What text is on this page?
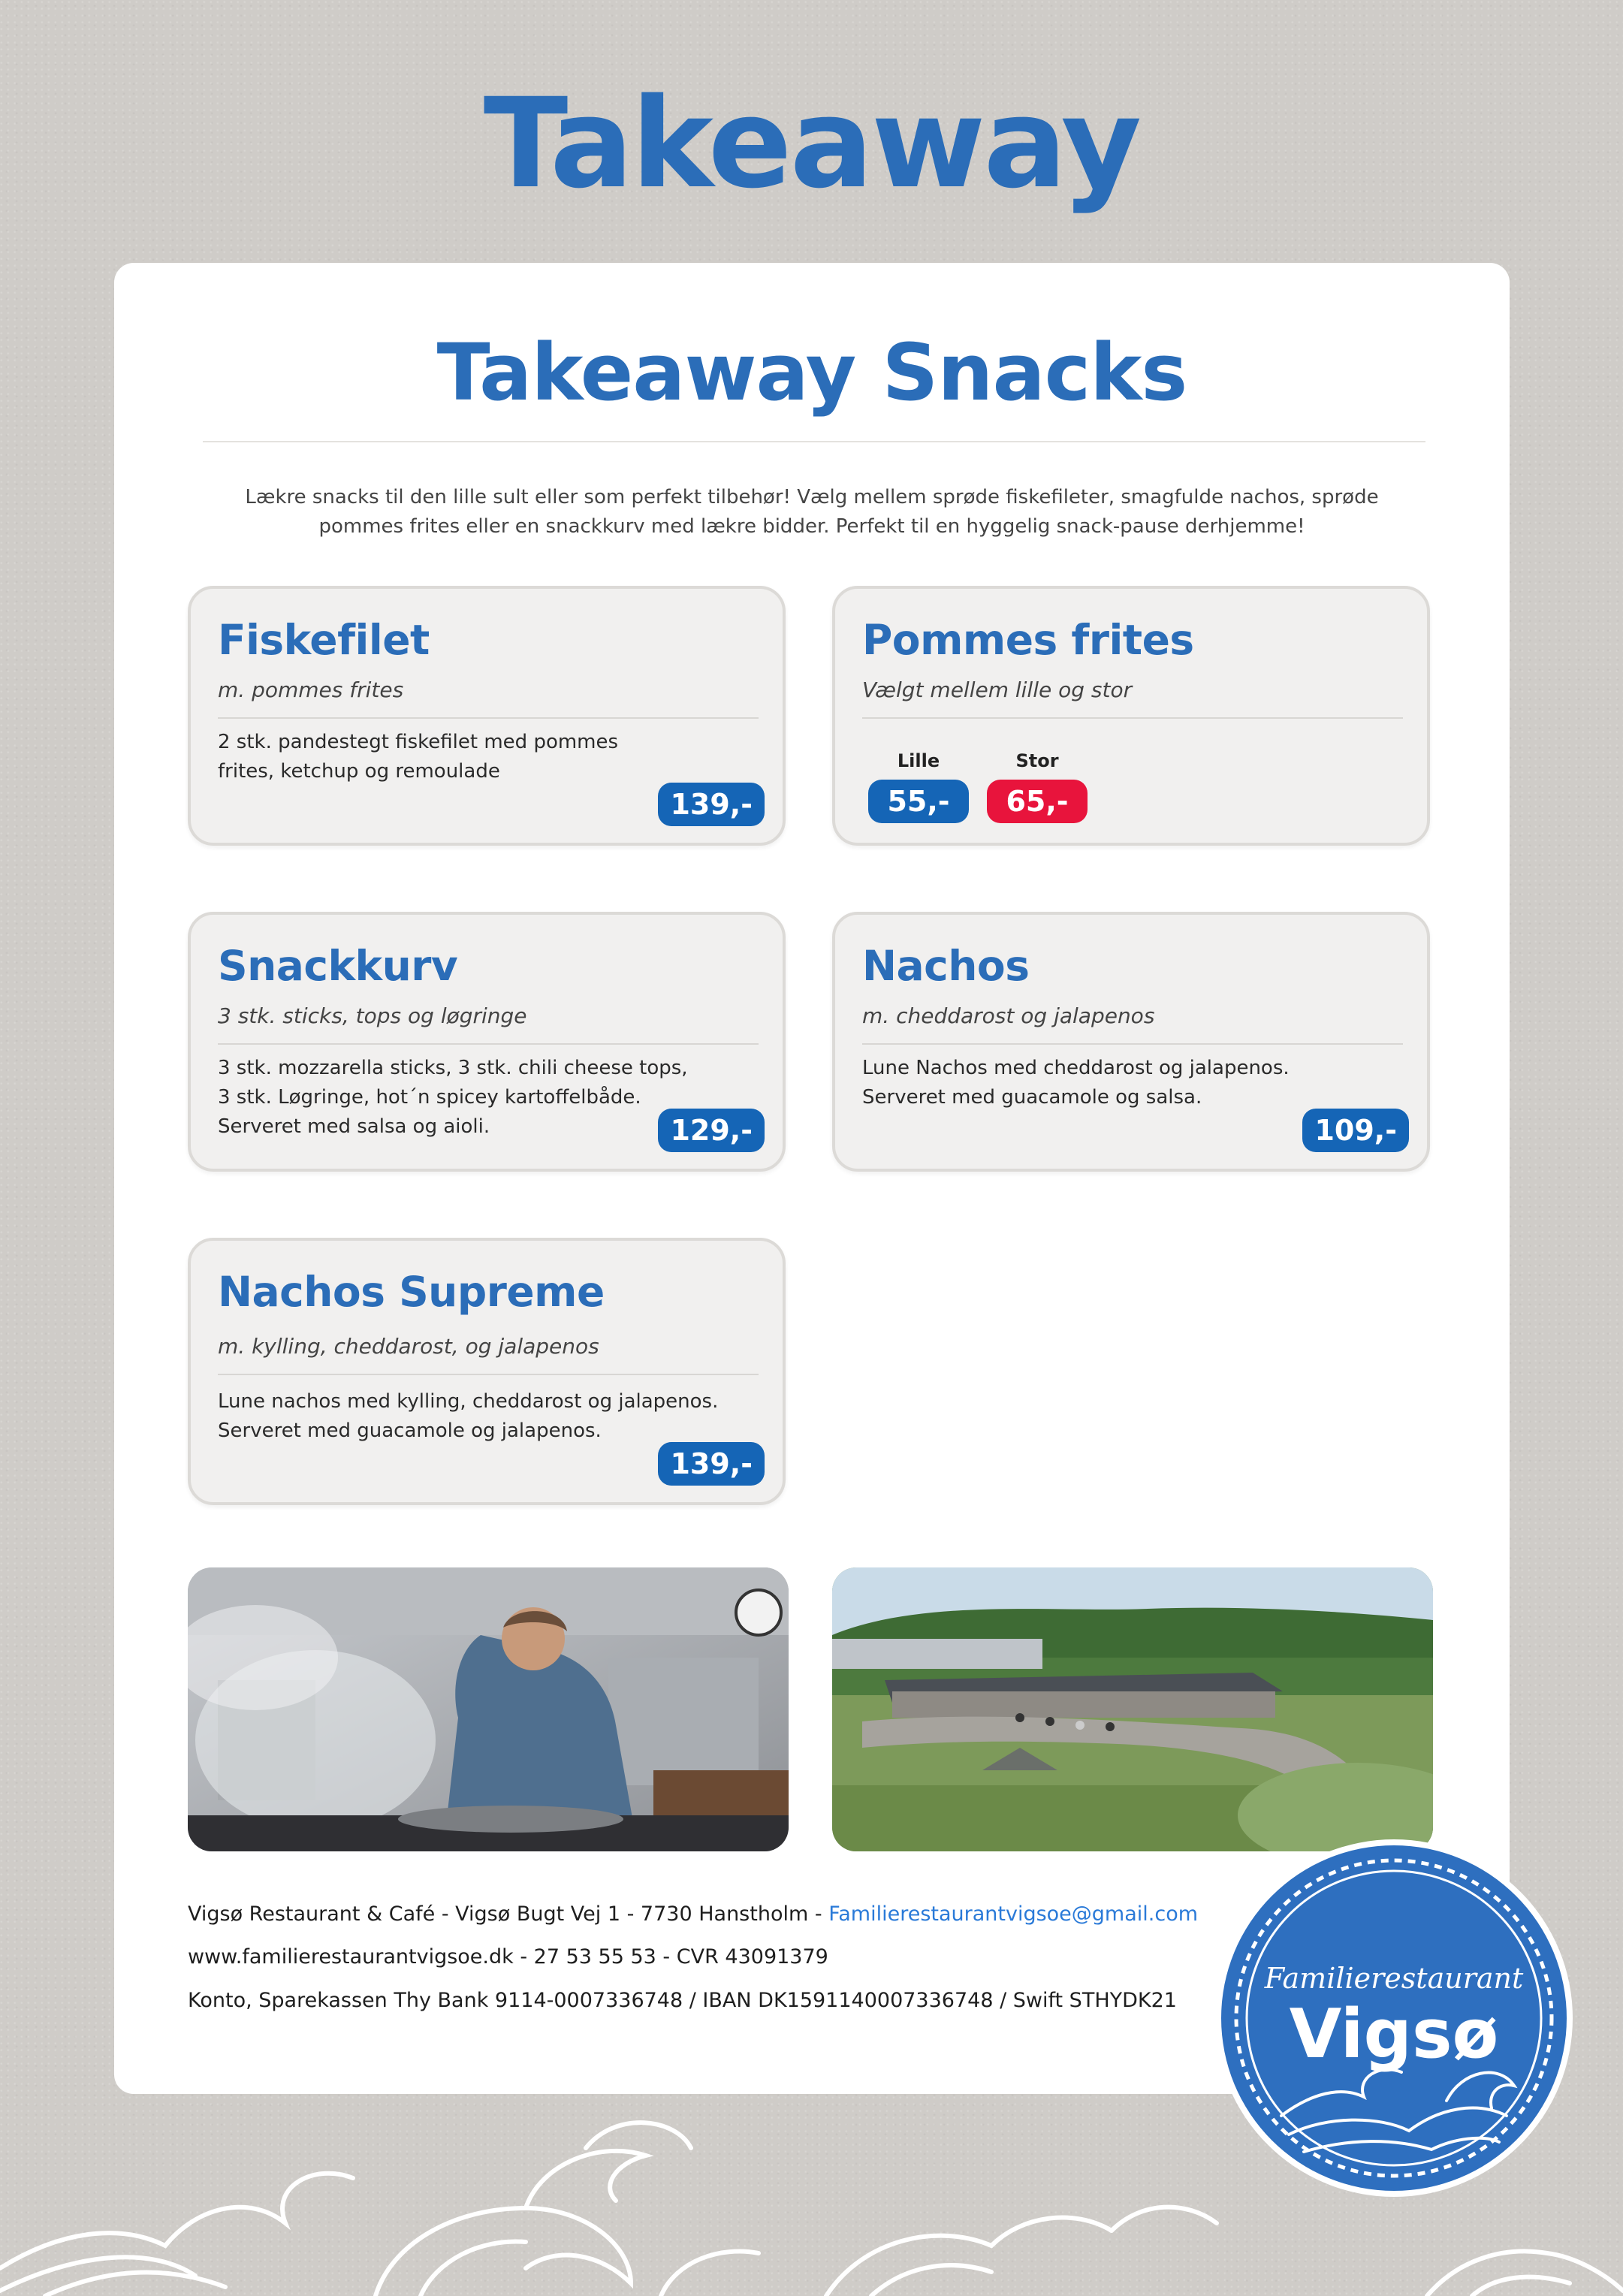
Takeaway
Takeaway Snacks

Lækre snacks til den lille sult eller som perfekt tilbehør! Vælg mellem sprøde fiskefileter, smagfulde nachos, sprøde pommes frites eller en snackkurv med lækre bidder. Perfekt til en hyggelig snack-pause derhjemme!

Fiskefilet

m. pommes frites

2 stk. pandestegt fiskefilet med pommes frites, ketchup og remoulade

139,-
Pommes frites

Vælgt mellem lille og stor

Lille
55,-
Stor
65,-
Snackkurv

3 stk. sticks, tops og løgringe

3 stk. mozzarella sticks, 3 stk. chili cheese tops,
3 stk. Løgringe, hot´n spicey kartoffelbåde.
Serveret med salsa og aioli.	129,-
Nachos

m. cheddarost og jalapenos

Lune Nachos med cheddarost og jalapenos.
Serveret med guacamole og salsa.

109,-
Nachos Supreme

m. kylling, cheddarost, og jalapenos

Lune nachos med kylling, cheddarost og jalapenos.
Serveret med guacamole og jalapenos.

139,-

Vigsø Restaurant & Café - Vigsø Bugt Vej 1 - 7730 Hanstholm - Familierestaurantvigsoe@gmail.com

www.familierestaurantvigsoe.dk - 27 53 55 53 - CVR 43091379

Konto, Sparekassen Thy Bank 9114-0007336748 / IBAN DK1591140007336748 / Swift STHYDK21

Familierestaurant
Vigsø
